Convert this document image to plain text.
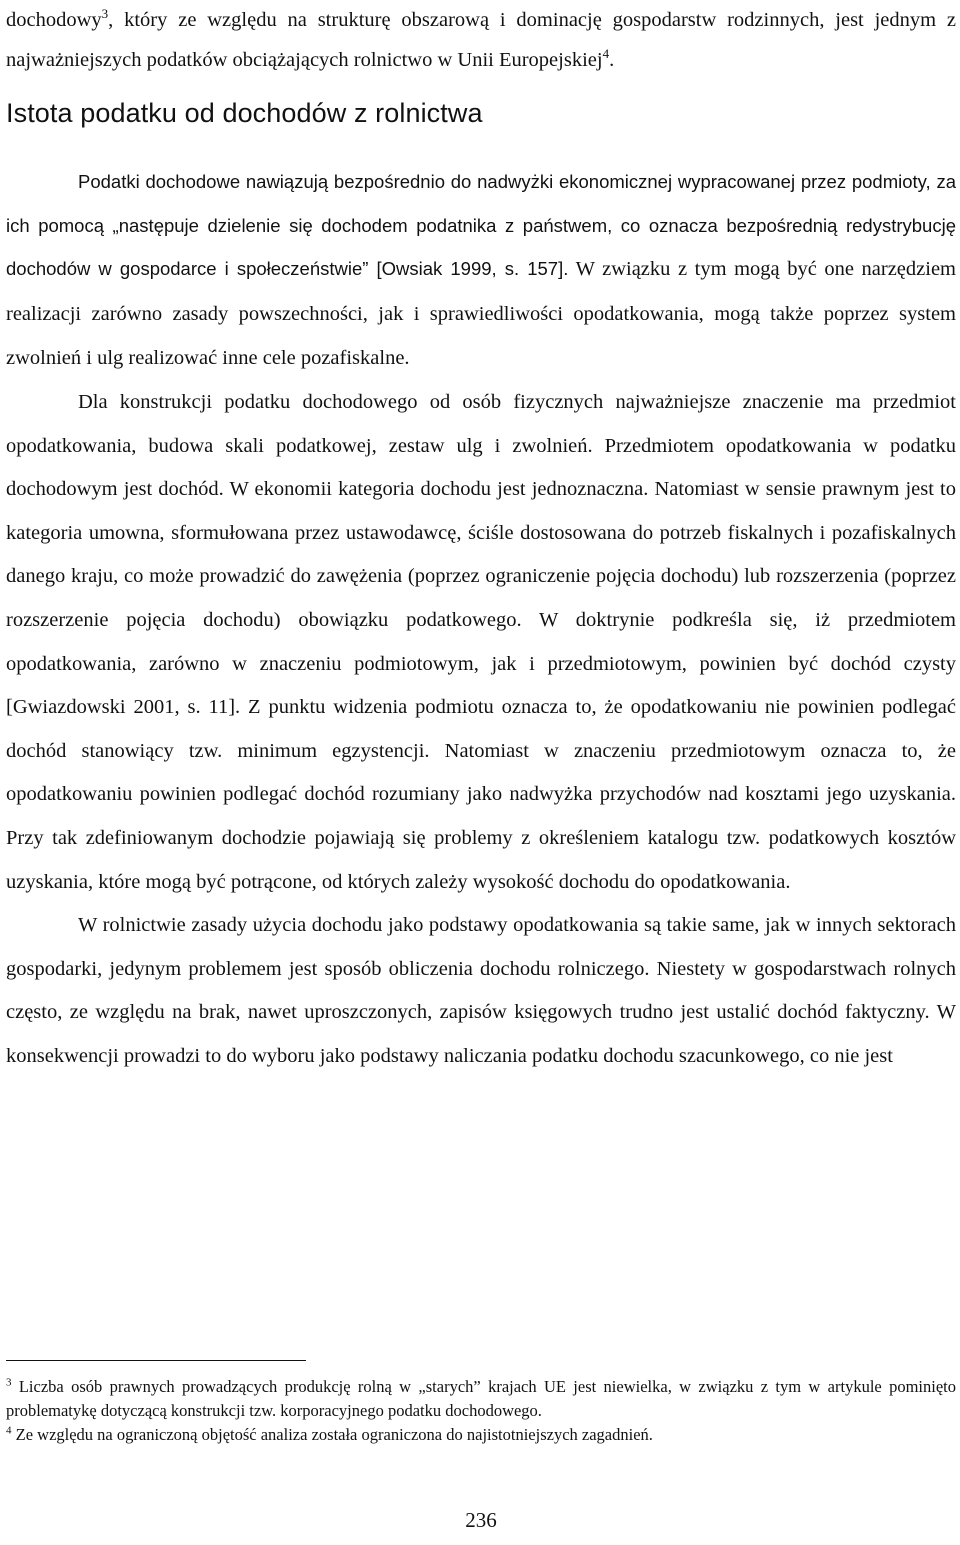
dochodowy$^3$, który ze względu na strukturę obszarową i dominację gospodarstw rodzinnych, jest jednym z najważniejszych podatków obciążających rolnictwo w Unii Europejskiej$^4$.

Istota podatku od dochodów z rolnictwa

Podatki dochodowe nawiązują bezpośrednio do nadwyżki ekonomicznej wypracowanej przez podmioty, za ich pomocą „następuje dzielenie się dochodem podatnika z państwem, co oznacza bezpośrednią redystrybucję dochodów w gospodarce i społeczeństwie” [Owsiak 1999, s. 157]. W związku z tym mogą być one narzędziem realizacji zarówno zasady powszechności, jak i sprawiedliwości opodatkowania, mogą także poprzez system zwolnień i ulg realizować inne cele pozafiskalne.

Dla konstrukcji podatku dochodowego od osób fizycznych najważniejsze znaczenie ma przedmiot opodatkowania, budowa skali podatkowej, zestaw ulg i zwolnień. Przedmiotem opodatkowania w podatku dochodowym jest dochód. W ekonomii kategoria dochodu jest jednoznaczna. Natomiast w sensie prawnym jest to kategoria umowna, sformułowana przez ustawodawcę, ściśle dostosowana do potrzeb fiskalnych i pozafiskalnych danego kraju, co może prowadzić do zawężenia (poprzez ograniczenie pojęcia dochodu) lub rozszerzenia (poprzez rozszerzenie pojęcia dochodu) obowiązku podatkowego. W doktrynie podkreśla się, iż przedmiotem opodatkowania, zarówno w znaczeniu podmiotowym, jak i przedmiotowym, powinien być dochód czysty [Gwiazdowski 2001, s. 11]. Z punktu widzenia podmiotu oznacza to, że opodatkowaniu nie powinien podlegać dochód stanowiący tzw. minimum egzystencji. Natomiast w znaczeniu przedmiotowym oznacza to, że opodatkowaniu powinien podlegać dochód rozumiany jako nadwyżka przychodów nad kosztami jego uzyskania. Przy tak zdefiniowanym dochodzie pojawiają się problemy z określeniem katalogu tzw. podatkowych kosztów uzyskania, które mogą być potrącone, od których zależy wysokość dochodu do opodatkowania.

W rolnictwie zasady użycia dochodu jako podstawy opodatkowania są takie same, jak w innych sektorach gospodarki, jedynym problemem jest sposób obliczenia dochodu rolniczego. Niestety w gospodarstwach rolnych często, ze względu na brak, nawet uproszczonych, zapisów księgowych trudno jest ustalić dochód faktyczny. W konsekwencji prowadzi to do wyboru jako podstawy naliczania podatku dochodu szacunkowego, co nie jest

$^3$ Liczba osób prawnych prowadzących produkcję rolną w „starych” krajach UE jest niewielka, w związku z tym w artykule pominięto problematykę dotyczącą konstrukcji tzw. korporacyjnego podatku dochodowego.

$^4$ Ze względu na ograniczoną objętość analiza została ograniczona do najistotniejszych zagadnień.

236
